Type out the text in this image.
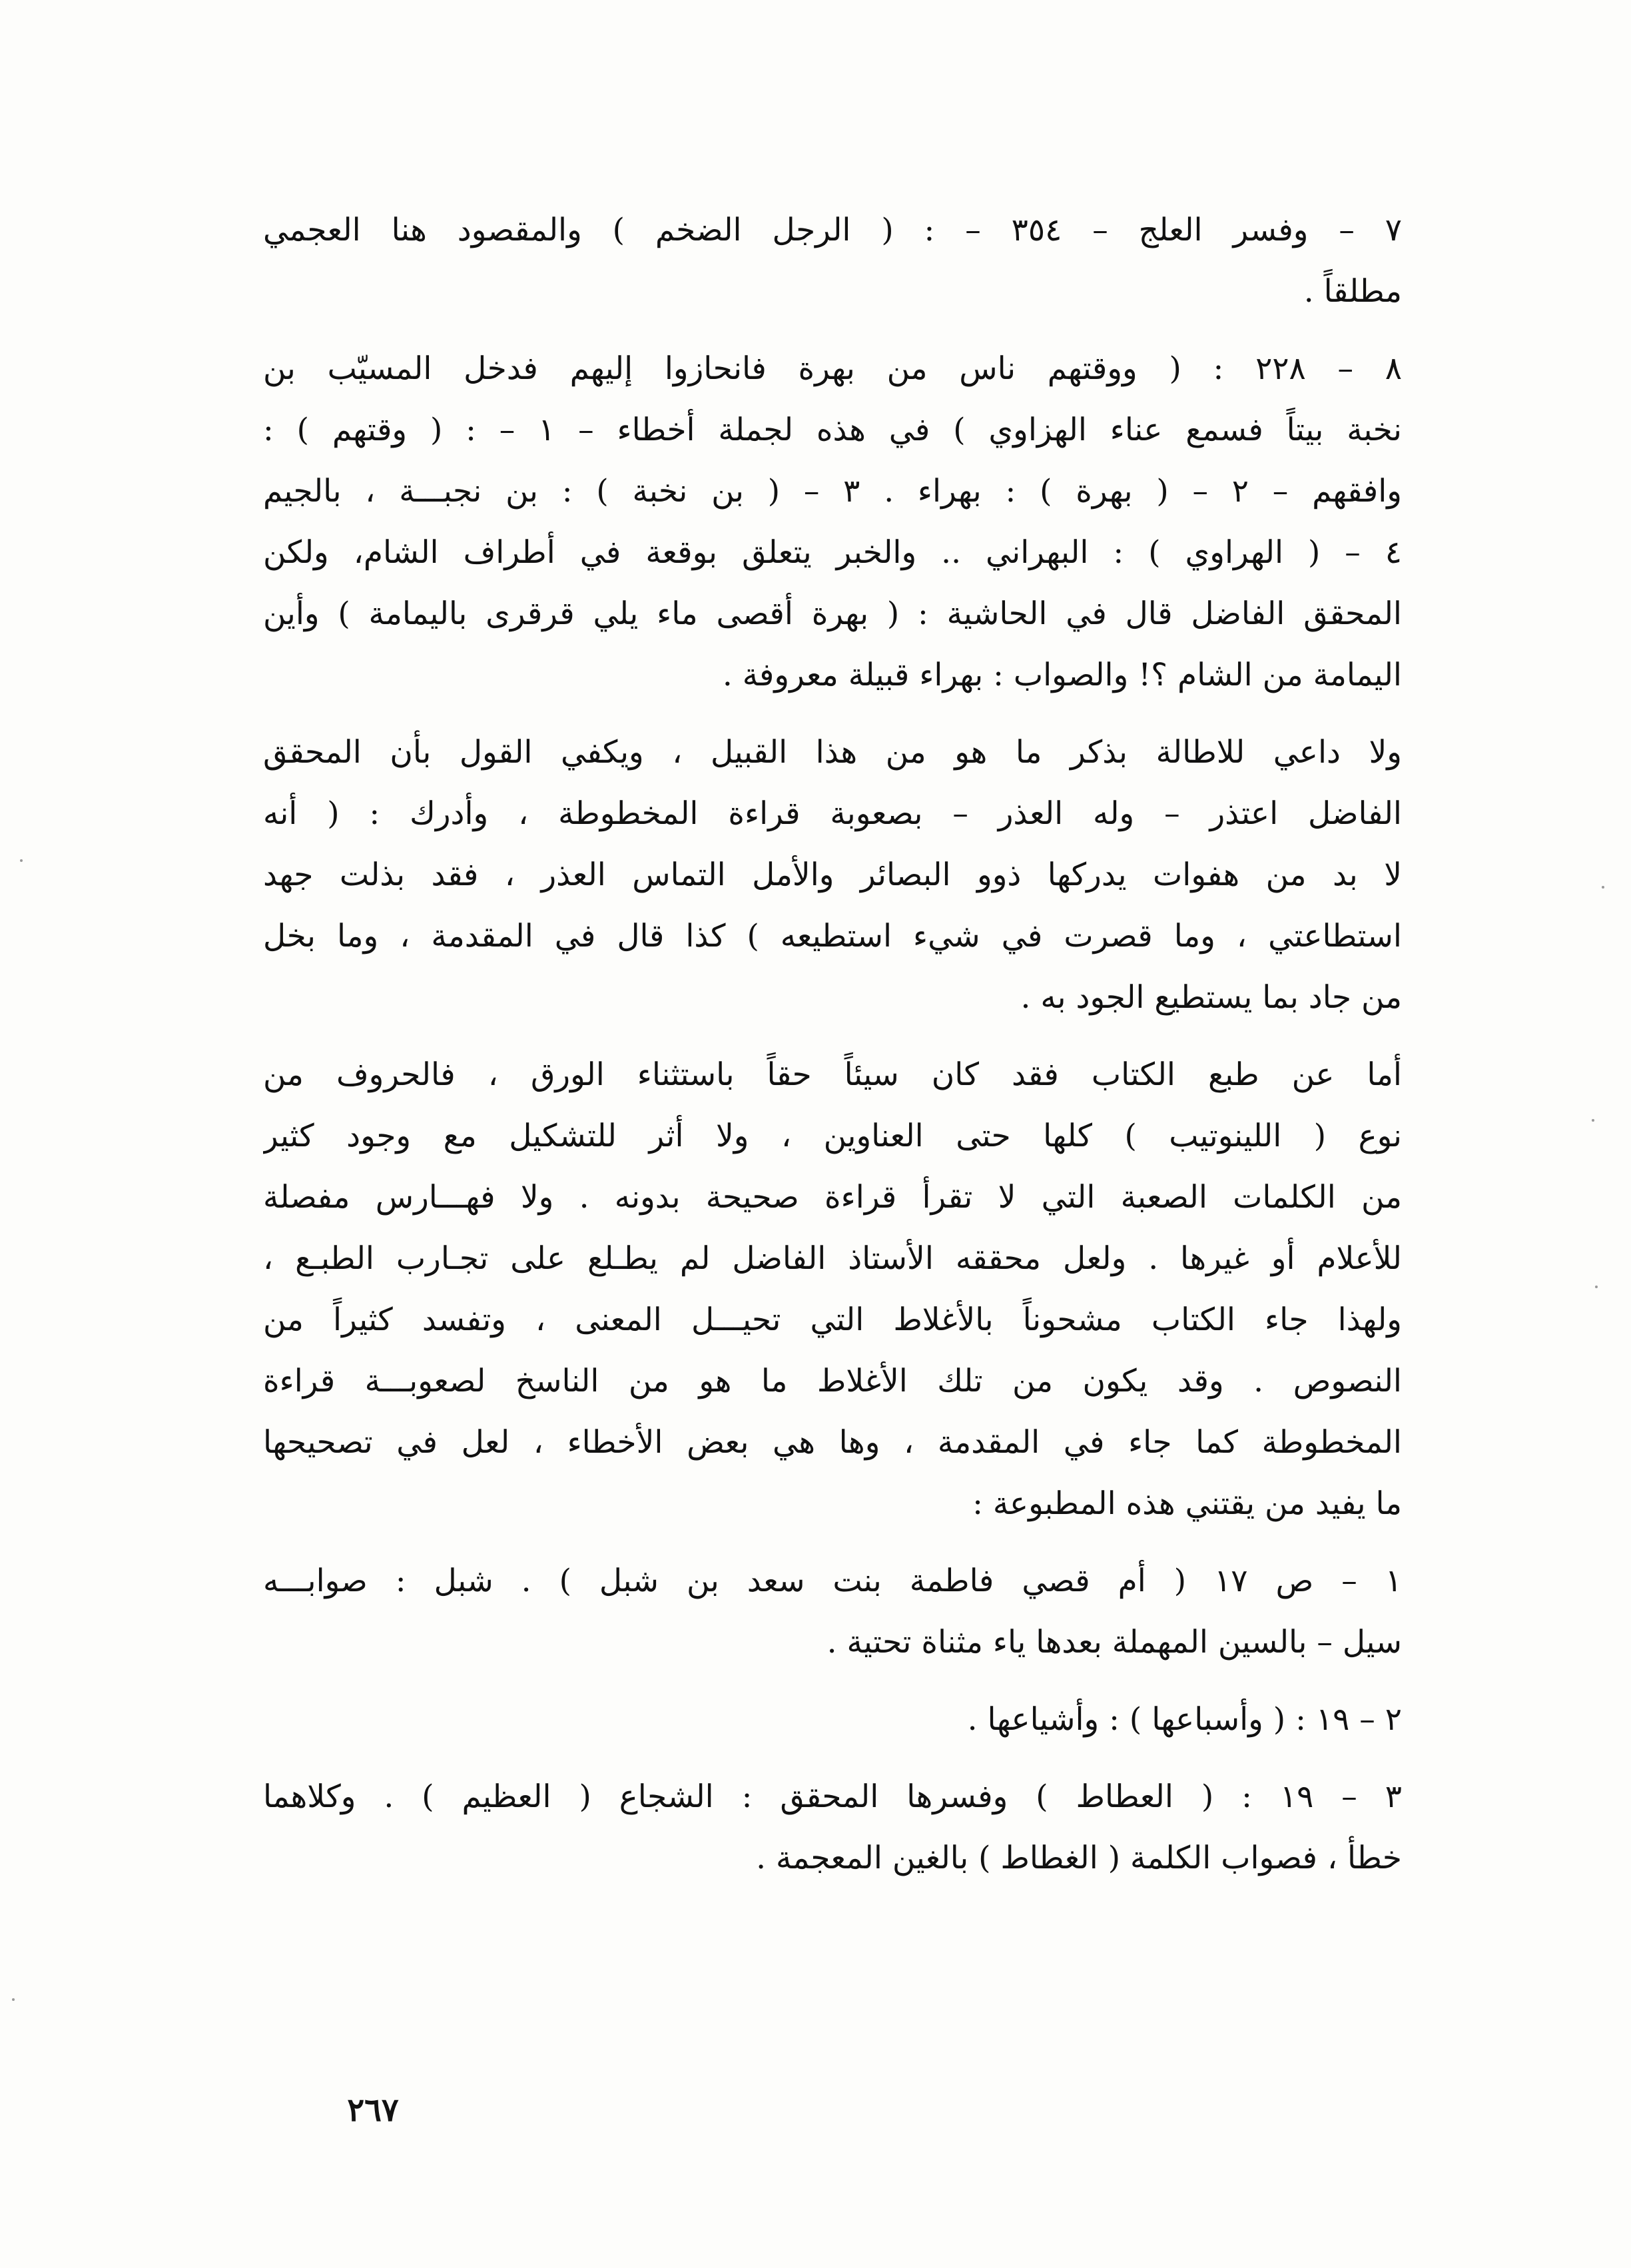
٧ – وفسر العلج – ٣٥٤ – : ( الرجل الضخم ) والمقصود هنا العجمي
مطلقاً .
٨ – ٢٢٨ : ( ووقتهم ناس من بهرة فانحازوا إليهم فدخل المسيّب بن
نخبة بيتاً فسمع عناء الهزاوي ) في هذه لجملة أخطاء – ١ – : ( وقتهم ) :
وافقهم – ٢ – ( بهرة ) : بهراء . ٣ – ( بن نخبة ) : بن نجبـــة ، بالجيم
٤ – ( الهراوي ) : البهراني .. والخبر يتعلق بوقعة في أطراف الشام، ولكن
المحقق الفاضل قال في الحاشية : ( بهرة أقصى ماء يلي قرقرى باليمامة ) وأين
اليمامة من الشام ؟! والصواب : بهراء قبيلة معروفة .
ولا داعي للاطالة بذكر ما هو من هذا القبيل ، ويكفي القول بأن المحقق
الفاضل اعتذر – وله العذر – بصعوبة قراءة المخطوطة ، وأدرك : ( أنه
لا بد من هفوات يدركها ذوو البصائر والأمل التماس العذر ، فقد بذلت جهد
استطاعتي ، وما قصرت في شيء استطيعه ) كذا قال في المقدمة ، وما بخل
من جاد بما يستطيع الجود به .
أما عن طبع الكتاب فقد كان سيئاً حقاً باستثناء الورق ، فالحروف من
نوع ( اللينوتيب ) كلها حتى العناوين ، ولا أثر للتشكيل مع وجود كثير
من الكلمات الصعبة التي لا تقرأ قراءة صحيحة بدونه . ولا فهـــارس مفصلة
للأعلام أو غيرها . ولعل محققه الأستاذ الفاضل لم يطـلع على تجـارب الطبـع ،
ولهذا جاء الكتاب مشحوناً بالأغلاط التي تحيـــل المعنى ، وتفسد كثيراً من
النصوص . وقد يكون من تلك الأغلاط ما هو من الناسخ لصعوبـــة قراءة
المخطوطة كما جاء في المقدمة ، وها هي بعض الأخطاء ، لعل في تصحيحها
ما يفيد من يقتني هذه المطبوعة :
١ – ص ١٧ ( أم قصي فاطمة بنت سعد بن شبل ) . شبل : صوابـــه
سيل – بالسين المهملة بعدها ياء مثناة تحتية .
٢ – ١٩ : ( وأسباعها ) : وأشياعها .
٣ – ١٩ : ( العطاط ) وفسرها المحقق : الشجاع ( العظيم ) . وكلاهما
خطأ ، فصواب الكلمة ( الغطاط ) بالغين المعجمة .
٢٦٧
